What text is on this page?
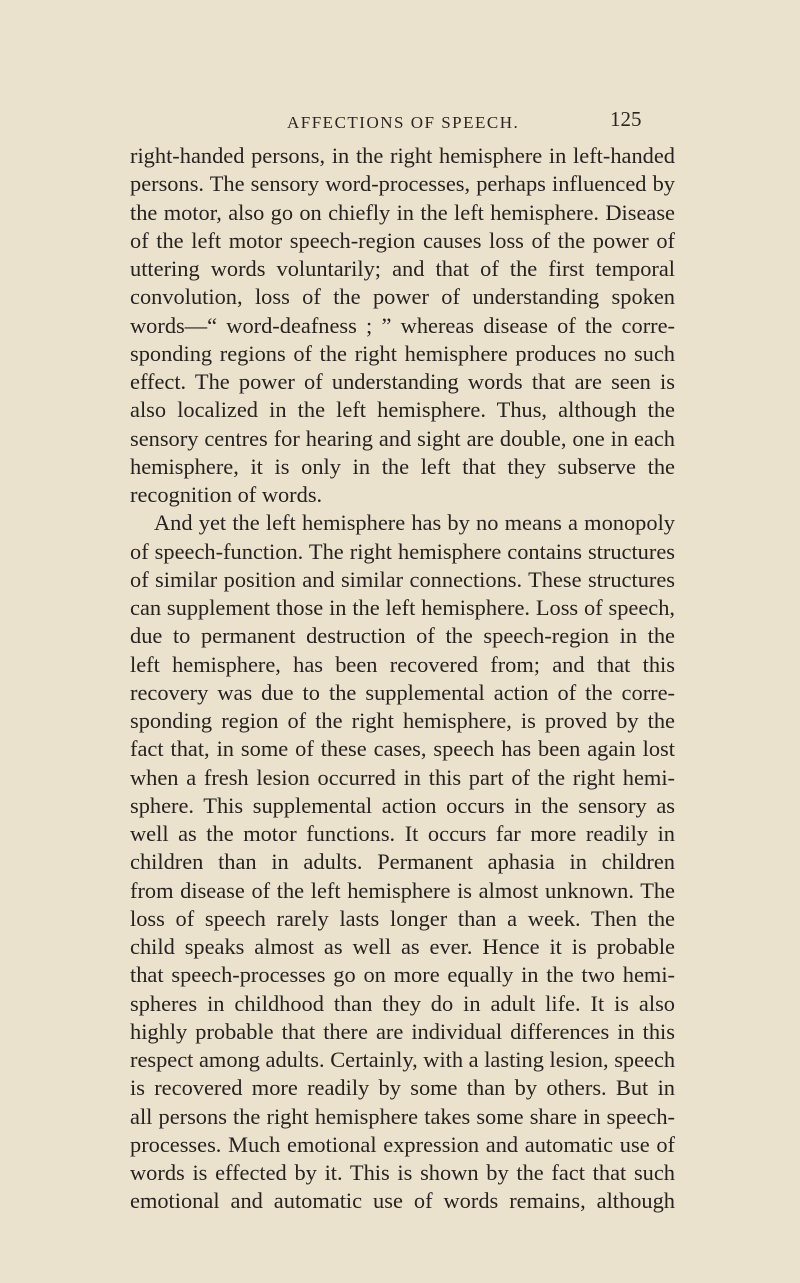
AFFECTIONS OF SPEECH.	125
right-handed persons, in the right hemisphere in left-handed
persons. The sensory word-processes, perhaps influenced by
the motor, also go on chiefly in the left hemisphere. Disease
of the left motor speech-region causes loss of the power of
uttering words voluntarily; and that of the first temporal
convolution, loss of the power of understanding spoken
words—“ word-deafness ; ” whereas disease of the corre-
sponding regions of the right hemisphere produces no such
effect. The power of understanding words that are seen is
also localized in the left hemisphere. Thus, although the
sensory centres for hearing and sight are double, one in each
hemisphere, it is only in the left that they subserve the
recognition of words.
And yet the left hemisphere has by no means a monopoly
of speech-function. The right hemisphere contains structures
of similar position and similar connections. These structures
can supplement those in the left hemisphere. Loss of speech,
due to permanent destruction of the speech-region in the
left hemisphere, has been recovered from; and that this
recovery was due to the supplemental action of the corre-
sponding region of the right hemisphere, is proved by the
fact that, in some of these cases, speech has been again lost
when a fresh lesion occurred in this part of the right hemi-
sphere. This supplemental action occurs in the sensory as
well as the motor functions. It occurs far more readily in
children than in adults. Permanent aphasia in children
from disease of the left hemisphere is almost unknown. The
loss of speech rarely lasts longer than a week. Then the
child speaks almost as well as ever. Hence it is probable
that speech-processes go on more equally in the two hemi-
spheres in childhood than they do in adult life. It is also
highly probable that there are individual differences in this
respect among adults. Certainly, with a lasting lesion, speech
is recovered more readily by some than by others. But in
all persons the right hemisphere takes some share in speech-
processes. Much emotional expression and automatic use of
words is effected by it. This is shown by the fact that such
emotional and automatic use of words remains, although
